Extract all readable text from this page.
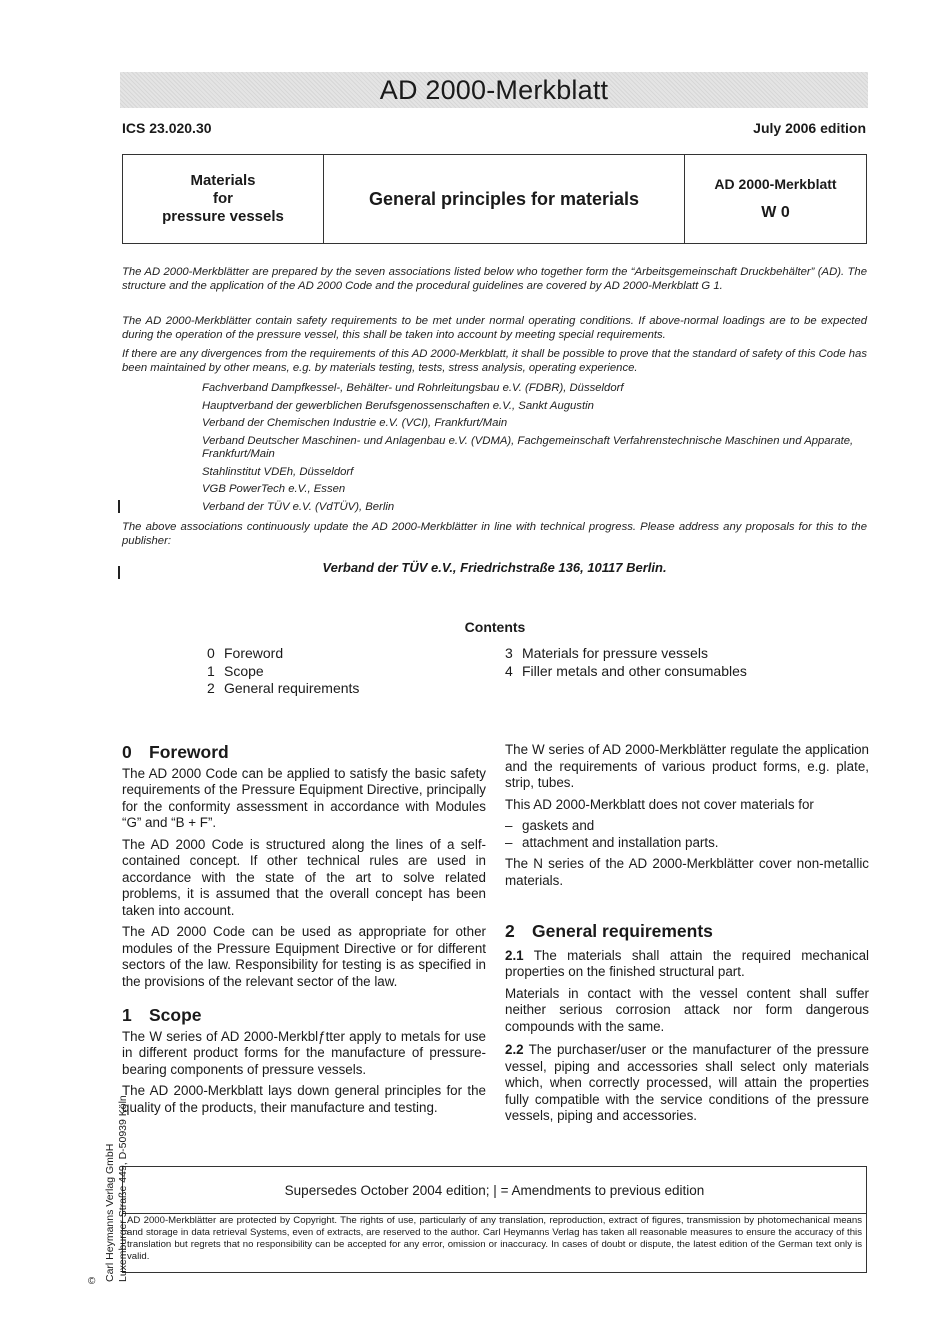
AD 2000-Merkblatt
ICS 23.020.30	July 2006 edition
Materials
for
pressure vessels
General principles for materials
AD 2000-Merkblatt
W 0
The AD 2000-Merkblätter are prepared by the seven associations listed below who together form the “Arbeitsgemeinschaft Druckbehälter” (AD). The structure and the application of the AD 2000 Code and the procedural guidelines are covered by AD 2000-Merkblatt G 1.
The AD 2000-Merkblätter contain safety requirements to be met under normal operating conditions. If above-normal loadings are to be expected during the operation of the pressure vessel, this shall be taken into account by meeting special requirements.
If there are any divergences from the requirements of this AD 2000-Merkblatt, it shall be possible to prove that the standard of safety of this Code has been maintained by other means, e.g. by materials testing, tests, stress analysis, operating experience.
Fachverband Dampfkessel-, Behälter- und Rohrleitungsbau e.V. (FDBR), Düsseldorf
Hauptverband der gewerblichen Berufsgenossenschaften e.V., Sankt Augustin
Verband der Chemischen Industrie e.V. (VCI), Frankfurt/Main
Verband Deutscher Maschinen- und Anlagenbau e.V. (VDMA), Fachgemeinschaft Verfahrenstechnische Maschinen und Apparate, Frankfurt/Main
Stahlinstitut VDEh, Düsseldorf
VGB PowerTech e.V., Essen
Verband der TÜV e.V. (VdTÜV), Berlin
The above associations continuously update the AD 2000-Merkblätter in line with technical progress. Please address any proposals for this to the publisher:
Verband der TÜV e.V., Friedrichstraße 136, 10117 Berlin.
Contents
0 Foreword
1 Scope
2 General requirements
3 Materials for pressure vessels
4 Filler metals and other consumables
0 Foreword

The AD 2000 Code can be applied to satisfy the basic safety requirements of the Pressure Equipment Directive, principally for the conformity assessment in accordance with Modules “G” and “B + F”.

The AD 2000 Code is structured along the lines of a self-contained concept. If other technical rules are used in accordance with the state of the art to solve related problems, it is assumed that the overall concept has been taken into account.

The AD 2000 Code can be used as appropriate for other modules of the Pressure Equipment Directive or for different sectors of the law. Responsibility for testing is as specified in the provisions of the relevant sector of the law.

1 Scope

The W series of AD 2000-Merkblƒtter apply to metals for use in different product forms for the manufacture of pressure-bearing components of pressure vessels.

The AD 2000-Merkblatt lays down general principles for the quality of the products, their manufacture and testing.

The W series of AD 2000-Merkblätter regulate the application and the requirements of various product forms, e.g. plate, strip, tubes.

This AD 2000-Merkblatt does not cover materials for

– gaskets and
– attachment and installation parts.

The N series of the AD 2000-Merkblätter cover non-metallic materials.

2 General requirements

2.1 The materials shall attain the required mechanical properties on the finished structural part.

Materials in contact with the vessel content shall suffer neither serious corrosion attack nor form dangerous compounds with the same.

2.2 The purchaser/user or the manufacturer of the pressure vessel, piping and accessories shall select only materials which, when correctly processed, will attain the properties fully compatible with the service conditions of the pressure vessels, piping and accessories.

Supersedes October 2004 edition; | = Amendments to previous edition
AD 2000-Merkblätter are protected by Copyright. The rights of use, particularly of any translation, reproduction, extract of figures, transmission by photomechanical means and storage in data retrieval Systems, even of extracts, are reserved to the author. Carl Heymanns Verlag has taken all reasonable measures to ensure the accuracy of this translation but regrets that no responsibility can be accepted for any error, omission or inaccuracy. In cases of doubt or dispute, the latest edition of the German text only is valid.
Carl Heymanns Verlag GmbH Luxemburger Straße 449, D-50939 Köln
©
